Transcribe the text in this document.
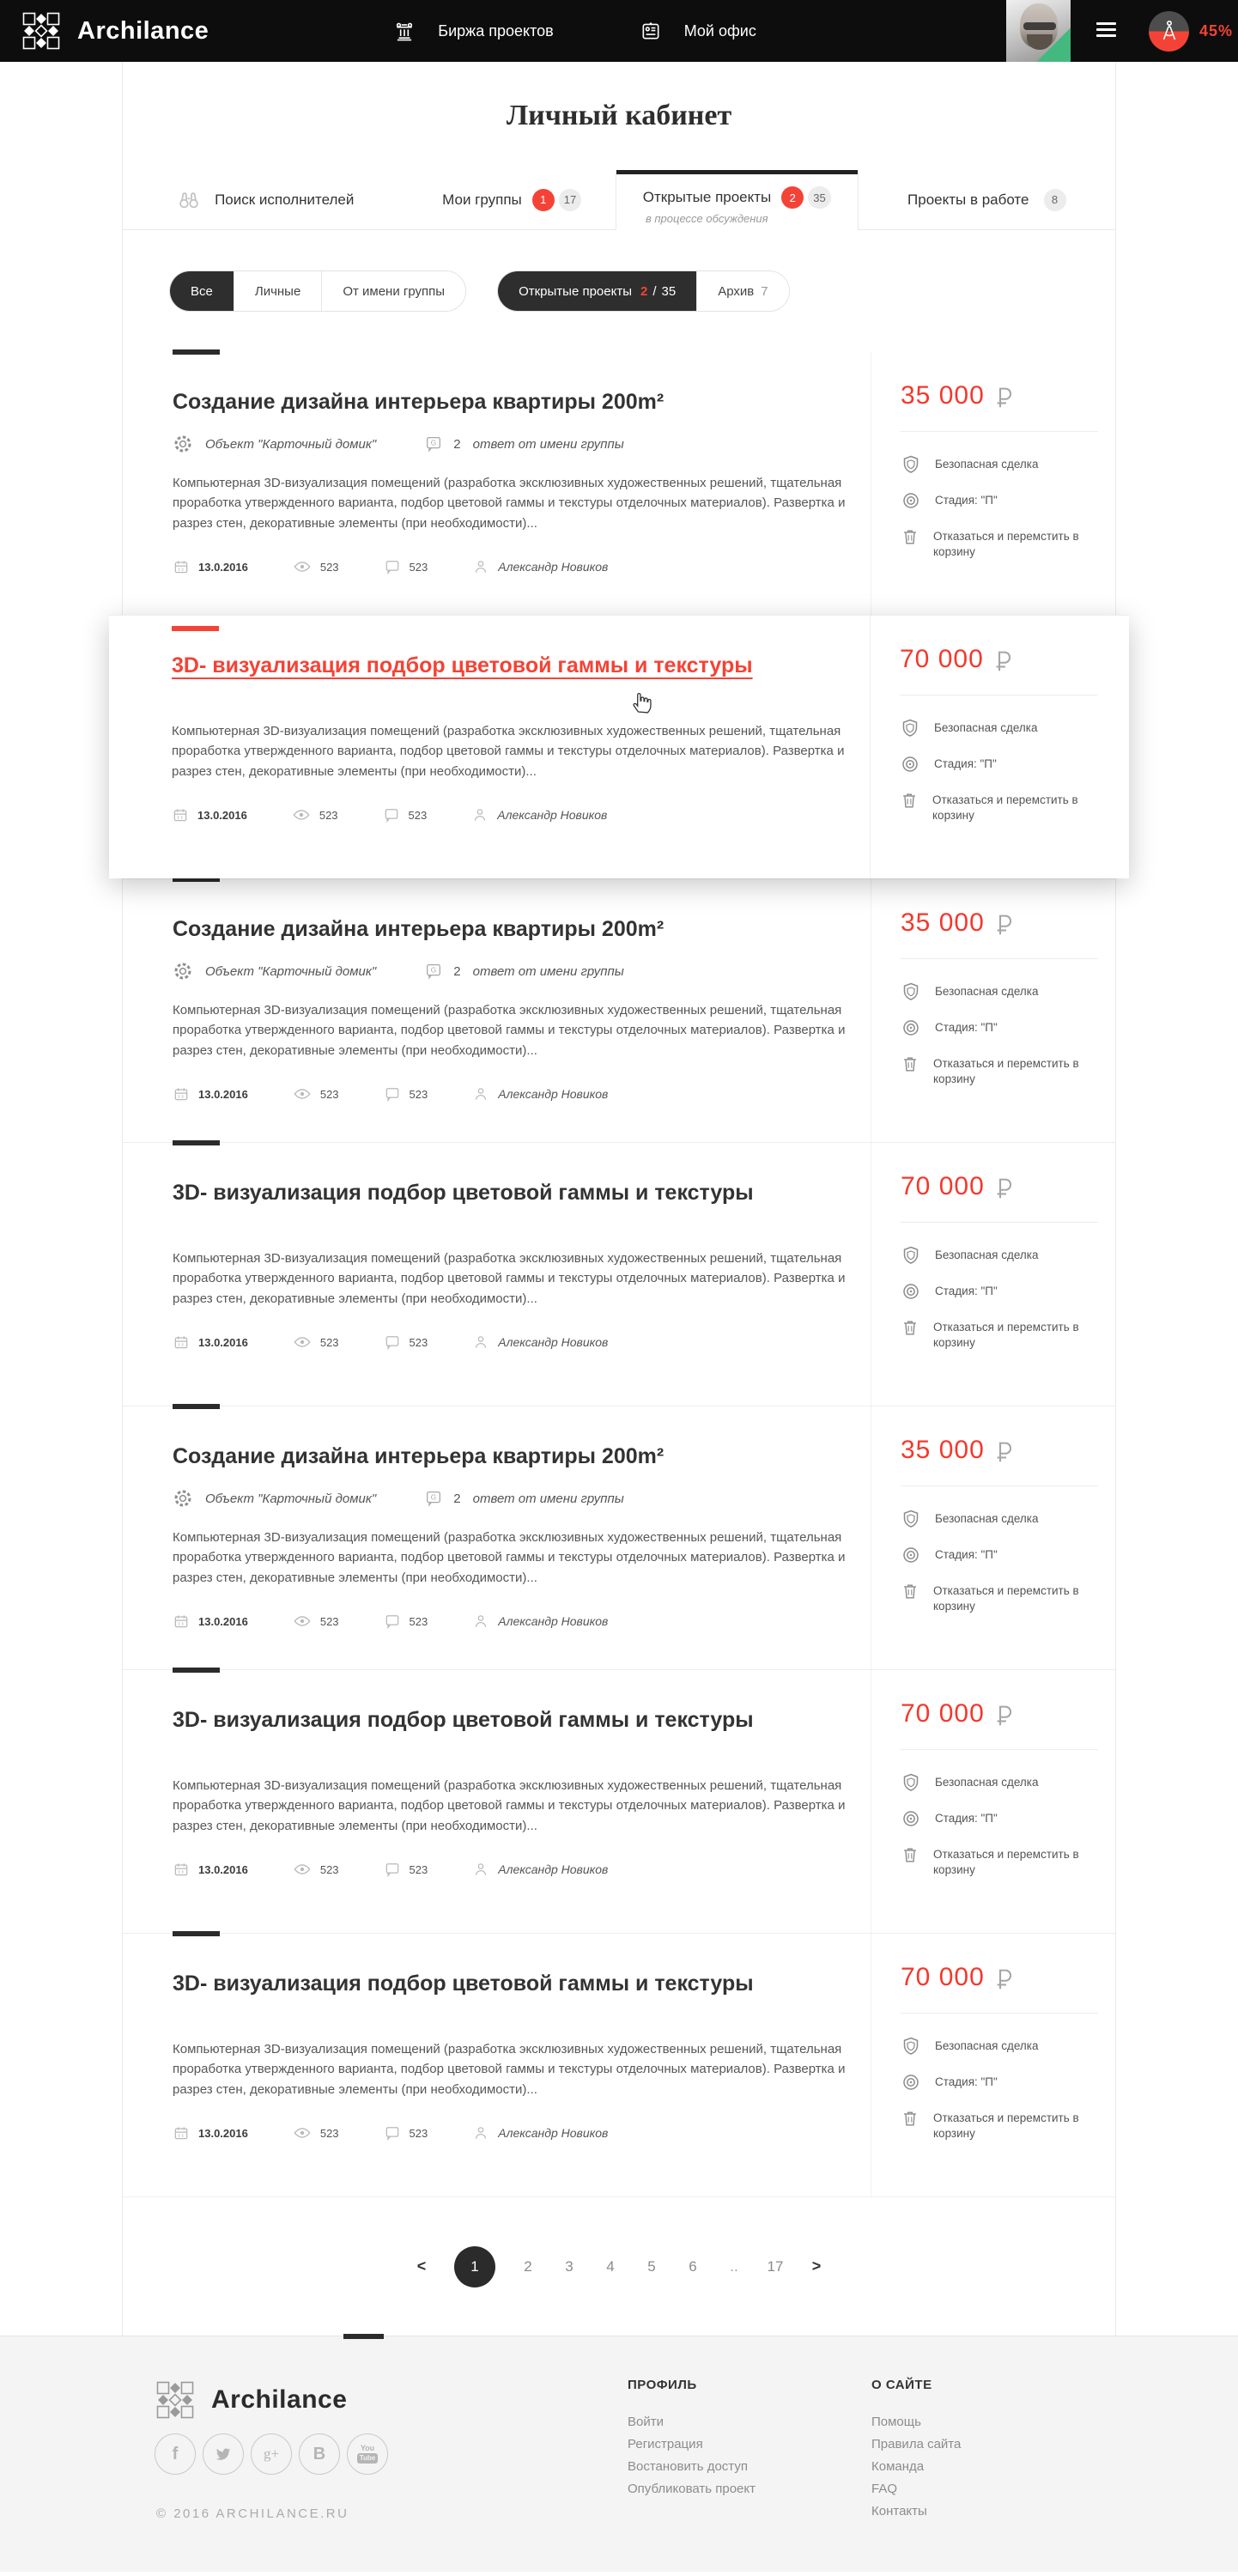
Archilance	Биржа проектов	Мой офис	45%
Личный кабинет
Поиск исполнителей	Мои группы	1	17	Открытые проекты	2	35
в процессе обсуждения
Проекты в работе	8
Все	Личные	От имени группы	Открытые проекты 2 / 35	Архив 7
Создание дизайна интерьера квартиры 200m²
Объект "Карточный домик"	G 2 ответ от имени группы

Компьютерная 3D-визуализация помещений (разработка эксклюзивных художественных решений, тщательная проработка утвержденного варианта, подбор цветовой гаммы и текстуры отделочных материалов). Развертка и разрез стен, декоративные элементы (при необходимости)...

13.0.2016	523	523	Александр Новиков
35 000
Безопасная сделка
Стадия: "П"
Отказаться и перемстить в корзину
3D- визуализация подбор цветовой гаммы и текстуры

Компьютерная 3D-визуализация помещений (разработка эксклюзивных художественных решений, тщательная проработка утвержденного варианта, подбор цветовой гаммы и текстуры отделочных материалов). Развертка и разрез стен, декоративные элементы (при необходимости)...

13.0.2016	523	523	Александр Новиков
70 000
Безопасная сделка
Стадия: "П"
Отказаться и перемстить в корзину
Создание дизайна интерьера квартиры 200m²
Объект "Карточный домик"	G 2 ответ от имени группы

Компьютерная 3D-визуализация помещений (разработка эксклюзивных художественных решений, тщательная проработка утвержденного варианта, подбор цветовой гаммы и текстуры отделочных материалов). Развертка и разрез стен, декоративные элементы (при необходимости)...

13.0.2016	523	523	Александр Новиков
35 000
Безопасная сделка
Стадия: "П"
Отказаться и перемстить в корзину
3D- визуализация подбор цветовой гаммы и текстуры

Компьютерная 3D-визуализация помещений (разработка эксклюзивных художественных решений, тщательная проработка утвержденного варианта, подбор цветовой гаммы и текстуры отделочных материалов). Развертка и разрез стен, декоративные элементы (при необходимости)...

13.0.2016	523	523	Александр Новиков
70 000
Безопасная сделка
Стадия: "П"
Отказаться и перемстить в корзину
Создание дизайна интерьера квартиры 200m²
Объект "Карточный домик"	G 2 ответ от имени группы

Компьютерная 3D-визуализация помещений (разработка эксклюзивных художественных решений, тщательная проработка утвержденного варианта, подбор цветовой гаммы и текстуры отделочных материалов). Развертка и разрез стен, декоративные элементы (при необходимости)...

13.0.2016	523	523	Александр Новиков
35 000
Безопасная сделка
Стадия: "П"
Отказаться и перемстить в корзину
3D- визуализация подбор цветовой гаммы и текстуры

Компьютерная 3D-визуализация помещений (разработка эксклюзивных художественных решений, тщательная проработка утвержденного варианта, подбор цветовой гаммы и текстуры отделочных материалов). Развертка и разрез стен, декоративные элементы (при необходимости)...

13.0.2016	523	523	Александр Новиков
70 000
Безопасная сделка
Стадия: "П"
Отказаться и перемстить в корзину
3D- визуализация подбор цветовой гаммы и текстуры

Компьютерная 3D-визуализация помещений (разработка эксклюзивных художественных решений, тщательная проработка утвержденного варианта, подбор цветовой гаммы и текстуры отделочных материалов). Развертка и разрез стен, декоративные элементы (при необходимости)...

13.0.2016	523	523	Александр Новиков
70 000
Безопасная сделка
Стадия: "П"
Отказаться и перемстить в корзину
<	1	2	3	4	5	6	..	17 >
Archilance
f	g+	B	You
Tube
© 2016 ARCHILANCE.RU
ПРОФИЛЬ
Войти
Регистрация
Востановить доступ
Опубликовать проект
О САЙТЕ
Помощь
Правила сайта
Команда
FAQ
Контакты
